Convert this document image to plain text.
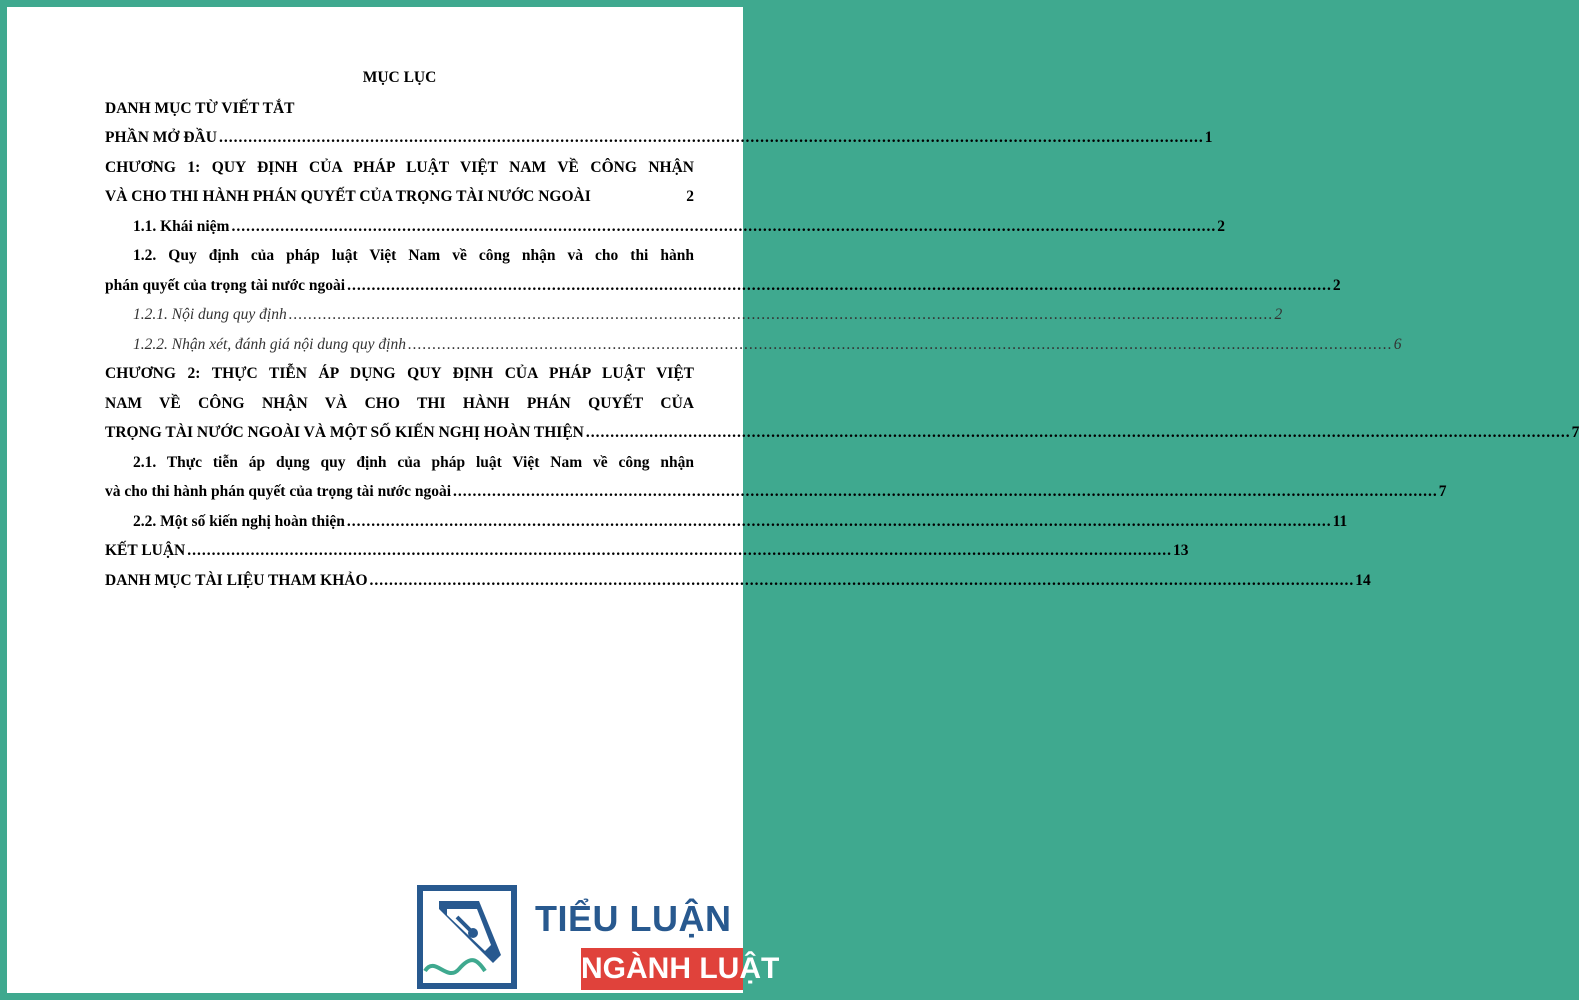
MỤC LỤC
DANH MỤC TỪ VIẾT TẮT
PHẦN MỞ ĐẦU .....	1
CHƯƠNG 1: QUY ĐỊNH CỦA PHÁP LUẬT VIỆT NAM VỀ CÔNG NHẬN
VÀ CHO THI HÀNH PHÁN QUYẾT CỦA TRỌNG TÀI NƯỚC NGOÀI	2
1.1. Khái niệm .....	2
1.2. Quy định của pháp luật Việt Nam về công nhận và cho thi hành
phán quyết của trọng tài nước ngoài .....	2
1.2.1. Nội dung quy định .....	2
1.2.2. Nhận xét, đánh giá nội dung quy định .....	6
CHƯƠNG 2: THỰC TIỄN ÁP DỤNG QUY ĐỊNH CỦA PHÁP LUẬT VIỆT
NAM VỀ CÔNG NHẬN VÀ CHO THI HÀNH PHÁN QUYẾT CỦA
TRỌNG TÀI NƯỚC NGOÀI VÀ MỘT SỐ KIẾN NGHỊ HOÀN THIỆN .....	7
2.1. Thực tiễn áp dụng quy định của pháp luật Việt Nam về công nhận
và cho thi hành phán quyết của trọng tài nước ngoài .....	7
2.2. Một số kiến nghị hoàn thiện .....	11
KẾT LUẬN .....	13
DANH MỤC TÀI LIỆU THAM KHẢO .....	14
TIỂU LUẬN
NGÀNH LUẬT
